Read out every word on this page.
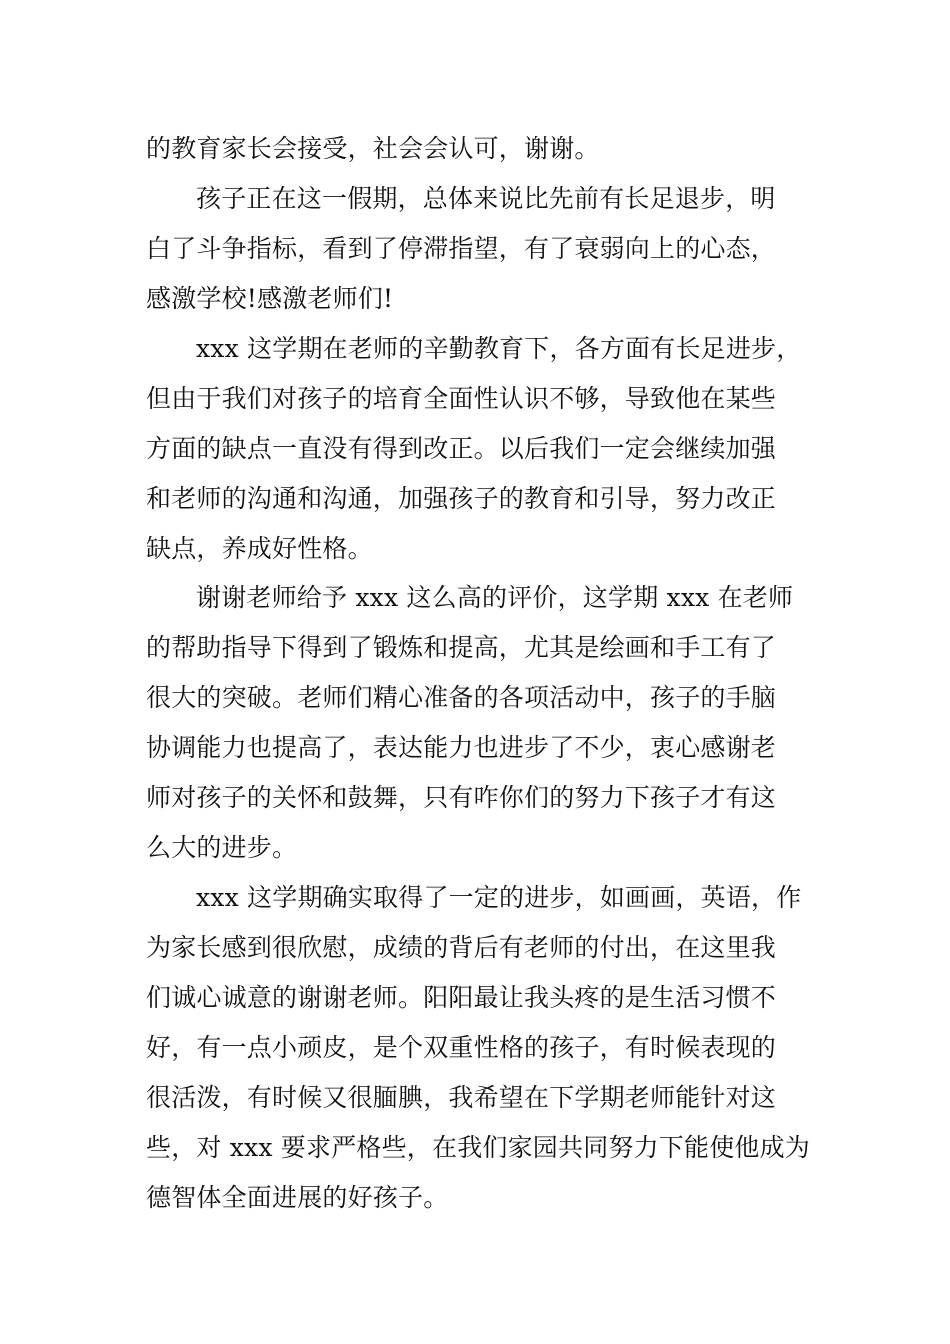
的教育家长会接受，社会会认可，谢谢。
孩子正在这一假期，总体来说比先前有长足退步，明
白了斗争指标，看到了停滞指望，有了衰弱向上的心态，
感激学校!感激老师们!
xxx 这学期在老师的辛勤教育下，各方面有长足进步，
但由于我们对孩子的培育全面性认识不够，导致他在某些
方面的缺点一直没有得到改正。以后我们一定会继续加强
和老师的沟通和沟通，加强孩子的教育和引导，努力改正
缺点，养成好性格。
谢谢老师给予 xxx 这么高的评价，这学期 xxx 在老师
的帮助指导下得到了锻炼和提高，尤其是绘画和手工有了
很大的突破。老师们精心准备的各项活动中，孩子的手脑
协调能力也提高了，表达能力也进步了不少，衷心感谢老
师对孩子的关怀和鼓舞，只有咋你们的努力下孩子才有这
么大的进步。
xxx 这学期确实取得了一定的进步，如画画，英语，作
为家长感到很欣慰，成绩的背后有老师的付出，在这里我
们诚心诚意的谢谢老师。阳阳最让我头疼的是生活习惯不
好，有一点小顽皮，是个双重性格的孩子，有时候表现的
很活泼，有时候又很腼腆，我希望在下学期老师能针对这
些，对 xxx 要求严格些，在我们家园共同努力下能使他成为
德智体全面进展的好孩子。
